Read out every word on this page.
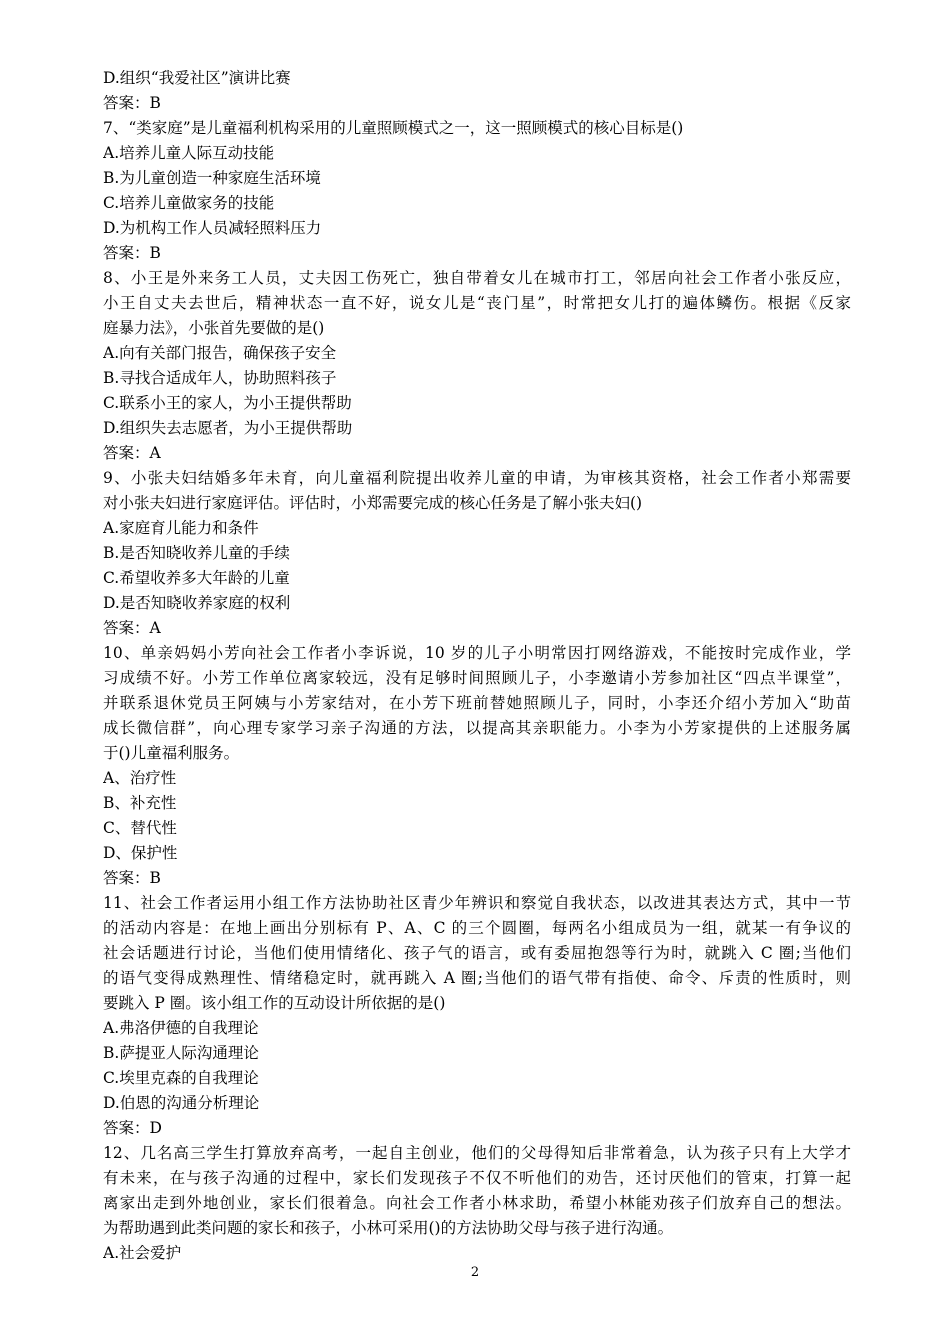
D.组织“我爱社区”演讲比赛
答案：B
7、“类家庭”是儿童福利机构采用的儿童照顾模式之一，这一照顾模式的核心目标是()
A.培养儿童人际互动技能
B.为儿童创造一种家庭生活环境
C.培养儿童做家务的技能
D.为机构工作人员减轻照料压力
答案：B
8、小王是外来务工人员，丈夫因工伤死亡，独自带着女儿在城市打工，邻居向社会工作者小张反应，
小王自丈夫去世后，精神状态一直不好，说女儿是“丧门星”，时常把女儿打的遍体鳞伤。根据《反家
庭暴力法》，小张首先要做的是()
A.向有关部门报告，确保孩子安全
B.寻找合适成年人，协助照料孩子
C.联系小王的家人，为小王提供帮助
D.组织失去志愿者，为小王提供帮助
答案：A
9、小张夫妇结婚多年未育，向儿童福利院提出收养儿童的申请，为审核其资格，社会工作者小郑需要
对小张夫妇进行家庭评估。评估时，小郑需要完成的核心任务是了解小张夫妇()
A.家庭育儿能力和条件
B.是否知晓收养儿童的手续
C.希望收养多大年龄的儿童
D.是否知晓收养家庭的权利
答案：A
10、单亲妈妈小芳向社会工作者小李诉说，10 岁的儿子小明常因打网络游戏，不能按时完成作业，学
习成绩不好。小芳工作单位离家较远，没有足够时间照顾儿子，小李邀请小芳参加社区“四点半课堂”，
并联系退休党员王阿姨与小芳家结对，在小芳下班前替她照顾儿子，同时，小李还介绍小芳加入“助苗
成长微信群”，向心理专家学习亲子沟通的方法，以提高其亲职能力。小李为小芳家提供的上述服务属
于()儿童福利服务。
A、治疗性
B、补充性
C、替代性
D、保护性
答案：B
11、社会工作者运用小组工作方法协助社区青少年辨识和察觉自我状态，以改进其表达方式，其中一节
的活动内容是：在地上画出分别标有 P、A、C 的三个圆圈，每两名小组成员为一组，就某一有争议的
社会话题进行讨论，当他们使用情绪化、孩子气的语言，或有委屈抱怨等行为时，就跳入 C 圈;当他们
的语气变得成熟理性、情绪稳定时，就再跳入 A 圈;当他们的语气带有指使、命令、斥责的性质时，则
要跳入 P 圈。该小组工作的互动设计所依据的是()
A.弗洛伊德的自我理论
B.萨提亚人际沟通理论
C.埃里克森的自我理论
D.伯恩的沟通分析理论
答案：D
12、几名高三学生打算放弃高考，一起自主创业，他们的父母得知后非常着急，认为孩子只有上大学才
有未来，在与孩子沟通的过程中，家长们发现孩子不仅不听他们的劝告，还讨厌他们的管束，打算一起
离家出走到外地创业，家长们很着急。向社会工作者小林求助，希望小林能劝孩子们放弃自己的想法。
为帮助遇到此类问题的家长和孩子，小林可采用()的方法协助父母与孩子进行沟通。
A.社会爱护
2
